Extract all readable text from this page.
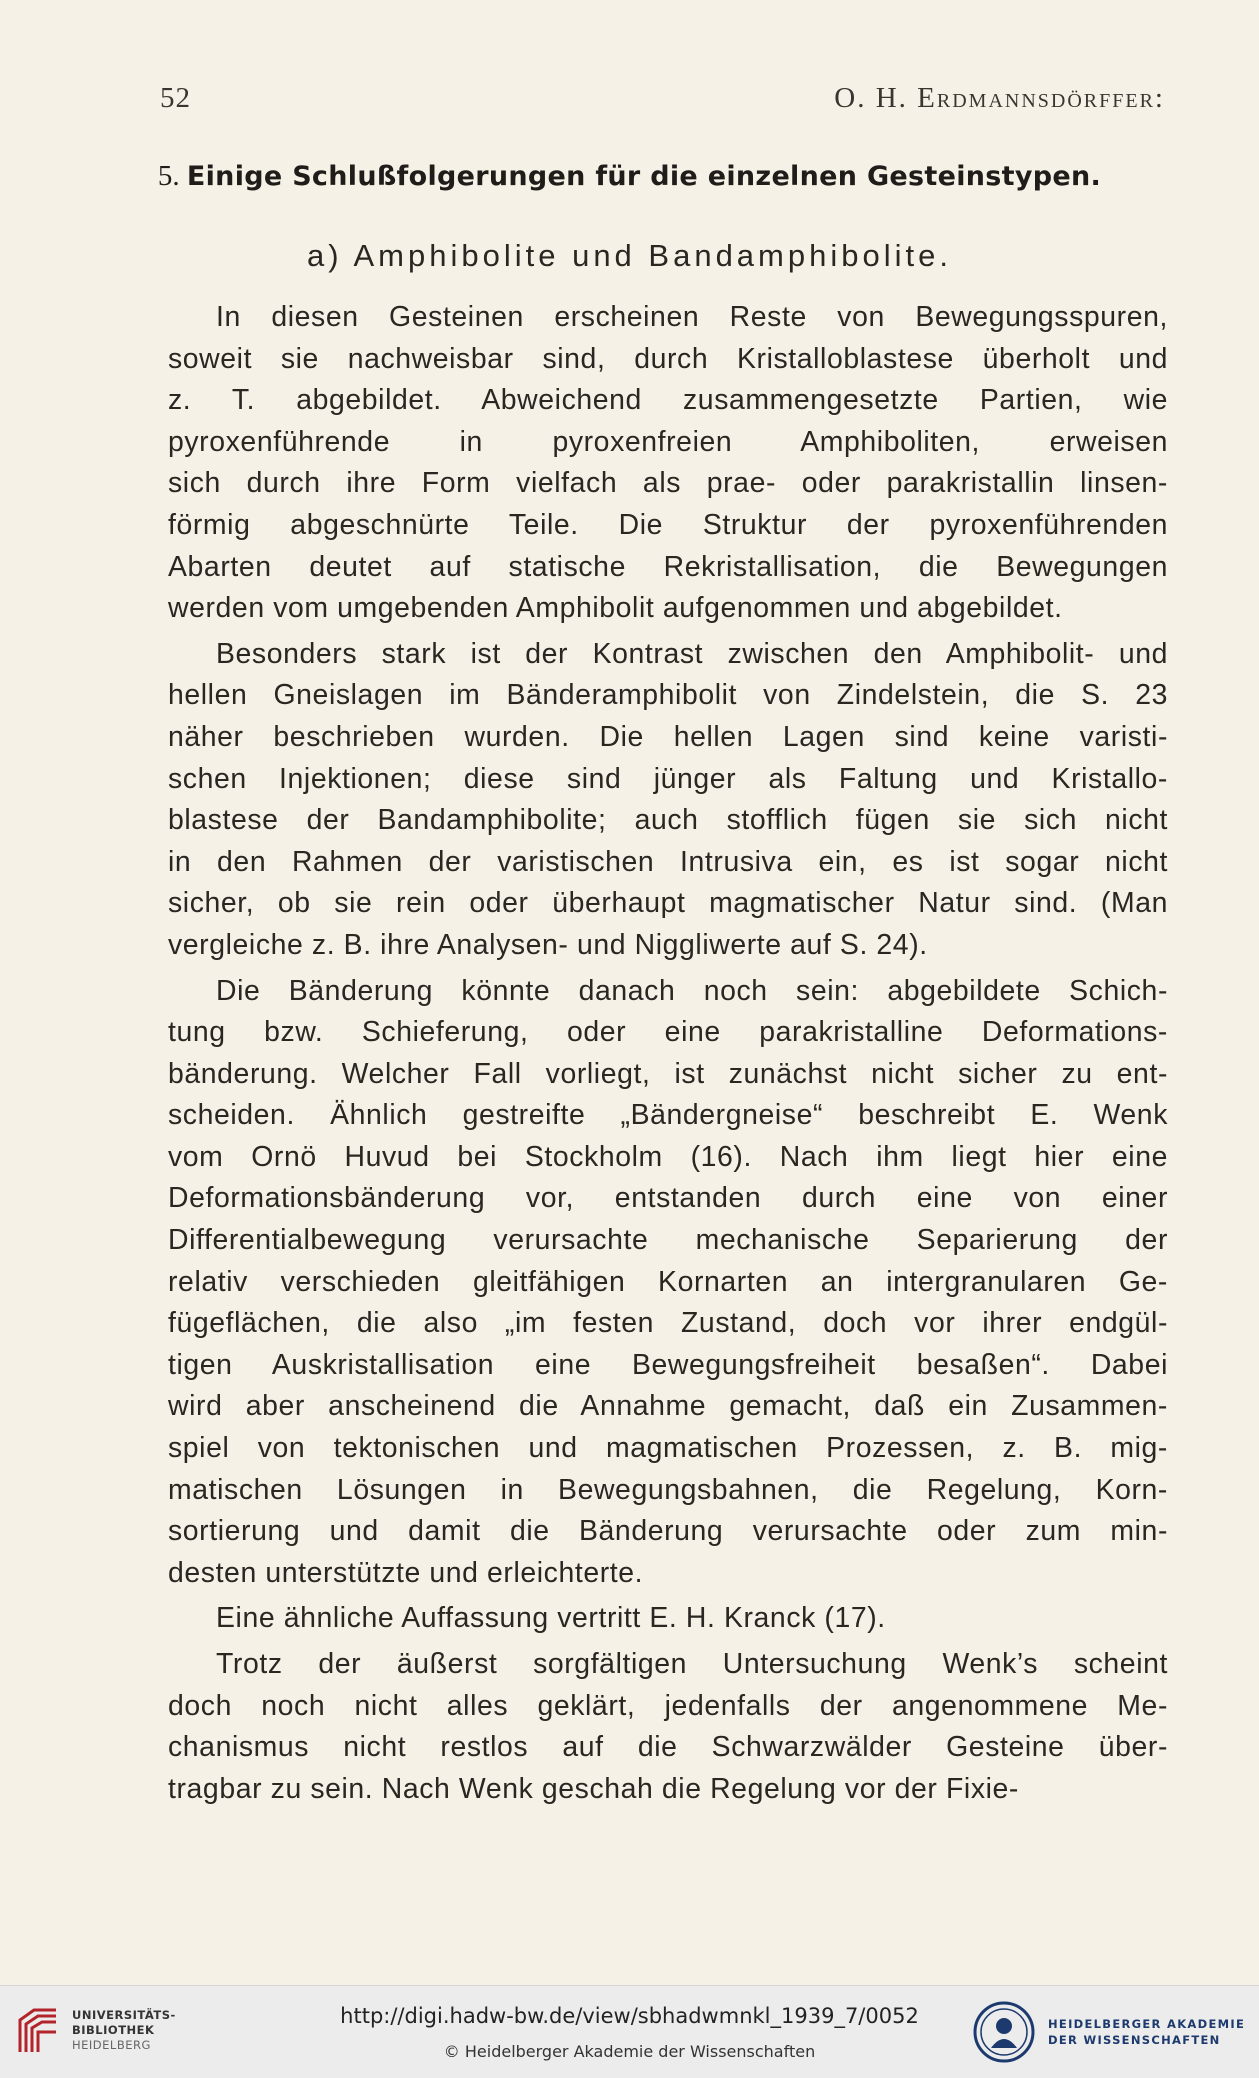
52	O. H. Erdmannsdörffer:
5. Einige Schlußfolgerungen für die einzelnen Gesteinstypen.
a) Amphibolite und Bandamphibolite.

In diesen Gesteinen erscheinen Reste von Bewegungsspuren,
soweit sie nachweisbar sind, durch Kristalloblastese überholt und
z. T. abgebildet. Abweichend zusammengesetzte Partien, wie
pyroxenführende in pyroxenfreien Amphiboliten, erweisen
sich durch ihre Form vielfach als prae- oder parakristallin linsen-
förmig abgeschnürte Teile. Die Struktur der pyroxenführenden
Abarten deutet auf statische Rekristallisation, die Bewegungen
werden vom umgebenden Amphibolit aufgenommen und abgebildet.

Besonders stark ist der Kontrast zwischen den Amphibolit- und
hellen Gneislagen im Bänderamphibolit von Zindelstein, die S. 23
näher beschrieben wurden. Die hellen Lagen sind keine varisti-
schen Injektionen; diese sind jünger als Faltung und Kristallo-
blastese der Bandamphibolite; auch stofflich fügen sie sich nicht
in den Rahmen der varistischen Intrusiva ein, es ist sogar nicht
sicher, ob sie rein oder überhaupt magmatischer Natur sind. (Man
vergleiche z. B. ihre Analysen- und Niggliwerte auf S. 24).

Die Bänderung könnte danach noch sein: abgebildete Schich-
tung bzw. Schieferung, oder eine parakristalline Deformations-
bänderung. Welcher Fall vorliegt, ist zunächst nicht sicher zu ent-
scheiden. Ähnlich gestreifte „Bändergneise“ beschreibt E. Wenk
vom Ornö Huvud bei Stockholm (16). Nach ihm liegt hier eine
Deformationsbänderung vor, entstanden durch eine von einer
Differentialbewegung verursachte mechanische Separierung der
relativ verschieden gleitfähigen Kornarten an intergranularen Ge-
fügeflächen, die also „im festen Zustand, doch vor ihrer endgül-
tigen Auskristallisation eine Bewegungsfreiheit besaßen“. Dabei
wird aber anscheinend die Annahme gemacht, daß ein Zusammen-
spiel von tektonischen und magmatischen Prozessen, z. B. mig-
matischen Lösungen in Bewegungsbahnen, die Regelung, Korn-
sortierung und damit die Bänderung verursachte oder zum min-
desten unterstützte und erleichterte.

Eine ähnliche Auffassung vertritt E. H. Kranck (17).

Trotz der äußerst sorgfältigen Untersuchung Wenk’s scheint
doch noch nicht alles geklärt, jedenfalls der angenommene Me-
chanismus nicht restlos auf die Schwarzwälder Gesteine über-
tragbar zu sein. Nach Wenk geschah die Regelung vor der Fixie-

UNIVERSITÄTS-
BIBLIOTHEK
HEIDELBERG
http://digi.hadw-bw.de/view/sbhadwmnkl_1939_7/0052
© Heidelberger Akademie der Wissenschaften
HEIDELBERGER AKADEMIE
DER WISSENSCHAFTEN
